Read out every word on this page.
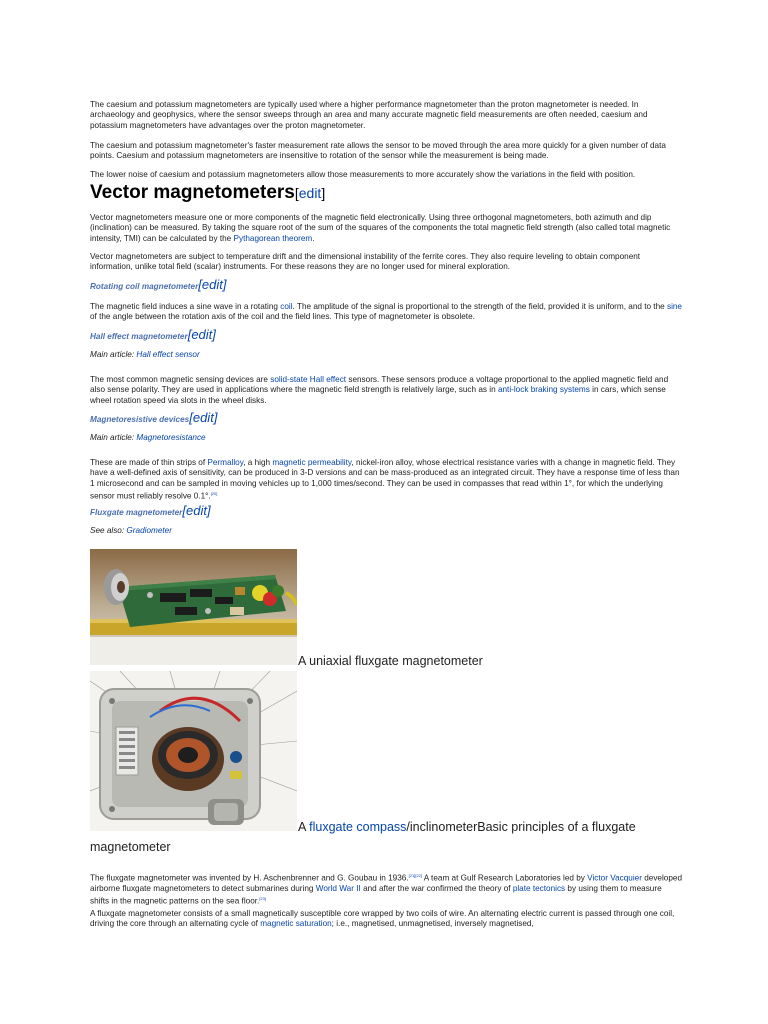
The caesium and potassium magnetometers are typically used where a higher performance magnetometer than the proton magnetometer is needed. In archaeology and geophysics, where the sensor sweeps through an area and many accurate magnetic field measurements are often needed, caesium and potassium magnetometers have advantages over the proton magnetometer.

The caesium and potassium magnetometer's faster measurement rate allows the sensor to be moved through the area more quickly for a given number of data points. Caesium and potassium magnetometers are insensitive to rotation of the sensor while the measurement is being made.

The lower noise of caesium and potassium magnetometers allow those measurements to more accurately show the variations in the field with position.

Vector magnetometers[edit]

Vector magnetometers measure one or more components of the magnetic field electronically. Using three orthogonal magnetometers, both azimuth and dip (inclination) can be measured. By taking the square root of the sum of the squares of the components the total magnetic field strength (also called total magnetic intensity, TMI) can be calculated by the Pythagorean theorem.

Vector magnetometers are subject to temperature drift and the dimensional instability of the ferrite cores. They also require leveling to obtain component information, unlike total field (scalar) instruments. For these reasons they are no longer used for mineral exploration.

Rotating coil magnetometer[edit]

The magnetic field induces a sine wave in a rotating coil. The amplitude of the signal is proportional to the strength of the field, provided it is uniform, and to the sine of the angle between the rotation axis of the coil and the field lines. This type of magnetometer is obsolete.

Hall effect magnetometer[edit]
Main article: Hall effect sensor

The most common magnetic sensing devices are solid-state Hall effect sensors. These sensors produce a voltage proportional to the applied magnetic field and also sense polarity. They are used in applications where the magnetic field strength is relatively large, such as in anti-lock braking systems in cars, which sense wheel rotation speed via slots in the wheel disks.

Magnetoresistive devices[edit]
Main article: Magnetoresistance

These are made of thin strips of Permalloy, a high magnetic permeability, nickel-iron alloy, whose electrical resistance varies with a change in magnetic field. They have a well-defined axis of sensitivity, can be produced in 3-D versions and can be mass-produced as an integrated circuit. They have a response time of less than 1 microsecond and can be sampled in moving vehicles up to 1,000 times/second. They can be used in compasses that read within 1°, for which the underlying sensor must reliably resolve 0.1°.[20]

Fluxgate magnetometer[edit]
See also: Gradiometer
A uniaxial fluxgate magnetometer
A fluxgate compass/inclinometerBasic principles of a fluxgate
magnetometer

The fluxgate magnetometer was invented by H. Aschenbrenner and G. Goubau in 1936.[21][22] A team at Gulf Research Laboratories led by Victor Vacquier developed airborne fluxgate magnetometers to detect submarines during World War II and after the war confirmed the theory of plate tectonics by using them to measure shifts in the magnetic patterns on the sea floor.[23]

A fluxgate magnetometer consists of a small magnetically susceptible core wrapped by two coils of wire. An alternating electric current is passed through one coil, driving the core through an alternating cycle of magnetic saturation; i.e., magnetised, unmagnetised, inversely magnetised,
